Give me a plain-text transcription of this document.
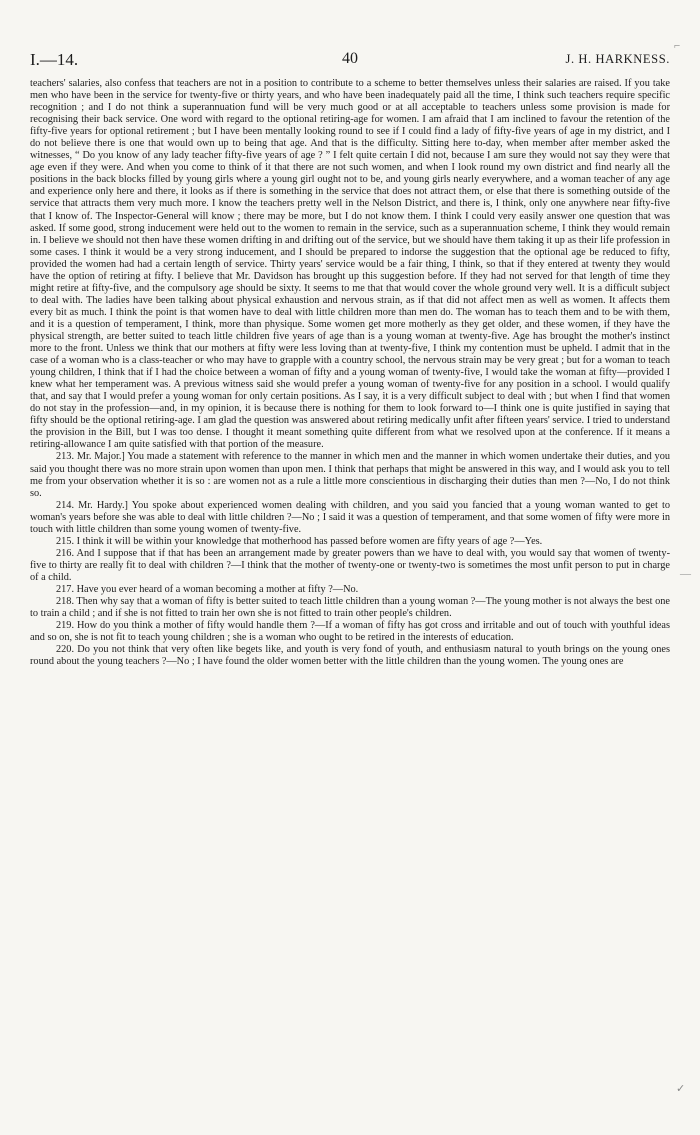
I.—14.	40	J. H. HARKNESS.
⌐
—
✓

teachers' salaries, also confess that teachers are not in a position to contribute to a scheme to better themselves unless their salaries are raised. If you take men who have been in the service for twenty-five or thirty years, and who have been inadequately paid all the time, I think such teachers require specific recognition ; and I do not think a superannuation fund will be very much good or at all acceptable to teachers unless some provision is made for recognising their back service. One word with regard to the optional retiring-age for women. I am afraid that I am inclined to favour the retention of the fifty-five years for optional retirement ; but I have been mentally looking round to see if I could find a lady of fifty-five years of age in my district, and I do not believe there is one that would own up to being that age. And that is the difficulty. Sitting here to-day, when member after member asked the witnesses, “ Do you know of any lady teacher fifty-five years of age ? ” I felt quite certain I did not, because I am sure they would not say they were that age even if they were. And when you come to think of it that there are not such women, and when I look round my own district and find nearly all the positions in the back blocks filled by young girls where a young girl ought not to be, and young girls nearly everywhere, and a woman teacher of any age and experience only here and there, it looks as if there is something in the service that does not attract them, or else that there is something outside of the service that attracts them very much more. I know the teachers pretty well in the Nelson District, and there is, I think, only one anywhere near fifty-five that I know of. The Inspector-General will know ; there may be more, but I do not know them. I think I could very easily answer one question that was asked. If some good, strong inducement were held out to the women to remain in the service, such as a superannuation scheme, I think they would remain in. I believe we should not then have these women drifting in and drifting out of the service, but we should have them taking it up as their life profession in some cases. I think it would be a very strong inducement, and I should be prepared to indorse the suggestion that the optional age be reduced to fifty, provided the women had had a certain length of service. Thirty years' service would be a fair thing, I think, so that if they entered at twenty they would have the option of retiring at fifty. I believe that Mr. Davidson has brought up this suggestion before. If they had not served for that length of time they might retire at fifty-five, and the compulsory age should be sixty. It seems to me that that would cover the whole ground very well. It is a difficult subject to deal with. The ladies have been talking about physical exhaustion and nervous strain, as if that did not affect men as well as women. It affects them every bit as much. I think the point is that women have to deal with little children more than men do. The woman has to teach them and to be with them, and it is a question of temperament, I think, more than physique. Some women get more motherly as they get older, and these women, if they have the physical strength, are better suited to teach little children five years of age than is a young woman at twenty-five. Age has brought the mother's instinct more to the front. Unless we think that our mothers at fifty were less loving than at twenty-five, I think my contention must be upheld. I admit that in the case of a woman who is a class-teacher or who may have to grapple with a country school, the nervous strain may be very great ; but for a woman to teach young children, I think that if I had the choice between a woman of fifty and a young woman of twenty-five, I would take the woman at fifty—provided I knew what her temperament was. A previous witness said she would prefer a young woman of twenty-five for any position in a school. I would qualify that, and say that I would prefer a young woman for only certain positions. As I say, it is a very difficult subject to deal with ; but when I find that women do not stay in the profession—and, in my opinion, it is because there is nothing for them to look forward to—I think one is quite justified in saying that fifty should be the optional retiring-age. I am glad the question was answered about retiring medically unfit after fifteen years' service. I tried to understand the provision in the Bill, but I was too dense. I thought it meant something quite different from what we resolved upon at the conference. If it means a retiring-allowance I am quite satisfied with that portion of the measure.

213. Mr. Major.] You made a statement with reference to the manner in which men and the manner in which women undertake their duties, and you said you thought there was no more strain upon women than upon men. I think that perhaps that might be answered in this way, and I would ask you to tell me from your observation whether it is so : are women not as a rule a little more conscientious in discharging their duties than men ?—No, I do not think so.

214. Mr. Hardy.] You spoke about experienced women dealing with children, and you said you fancied that a young woman wanted to get to woman's years before she was able to deal with little children ?—No ; I said it was a question of temperament, and that some women of fifty were more in touch with little children than some young women of twenty-five.

215. I think it will be within your knowledge that motherhood has passed before women are fifty years of age ?—Yes.

216. And I suppose that if that has been an arrangement made by greater powers than we have to deal with, you would say that women of twenty-five to thirty are really fit to deal with children ?—I think that the mother of twenty-one or twenty-two is sometimes the most unfit person to put in charge of a child.

217. Have you ever heard of a woman becoming a mother at fifty ?—No.

218. Then why say that a woman of fifty is better suited to teach little children than a young woman ?—The young mother is not always the best one to train a child ; and if she is not fitted to train her own she is not fitted to train other people's children.

219. How do you think a mother of fifty would handle them ?—If a woman of fifty has got cross and irritable and out of touch with youthful ideas and so on, she is not fit to teach young children ; she is a woman who ought to be retired in the interests of education.

220. Do you not think that very often like begets like, and youth is very fond of youth, and enthusiasm natural to youth brings on the young ones round about the young teachers ?—No ; I have found the older women better with the little children than the young women. The young ones are
